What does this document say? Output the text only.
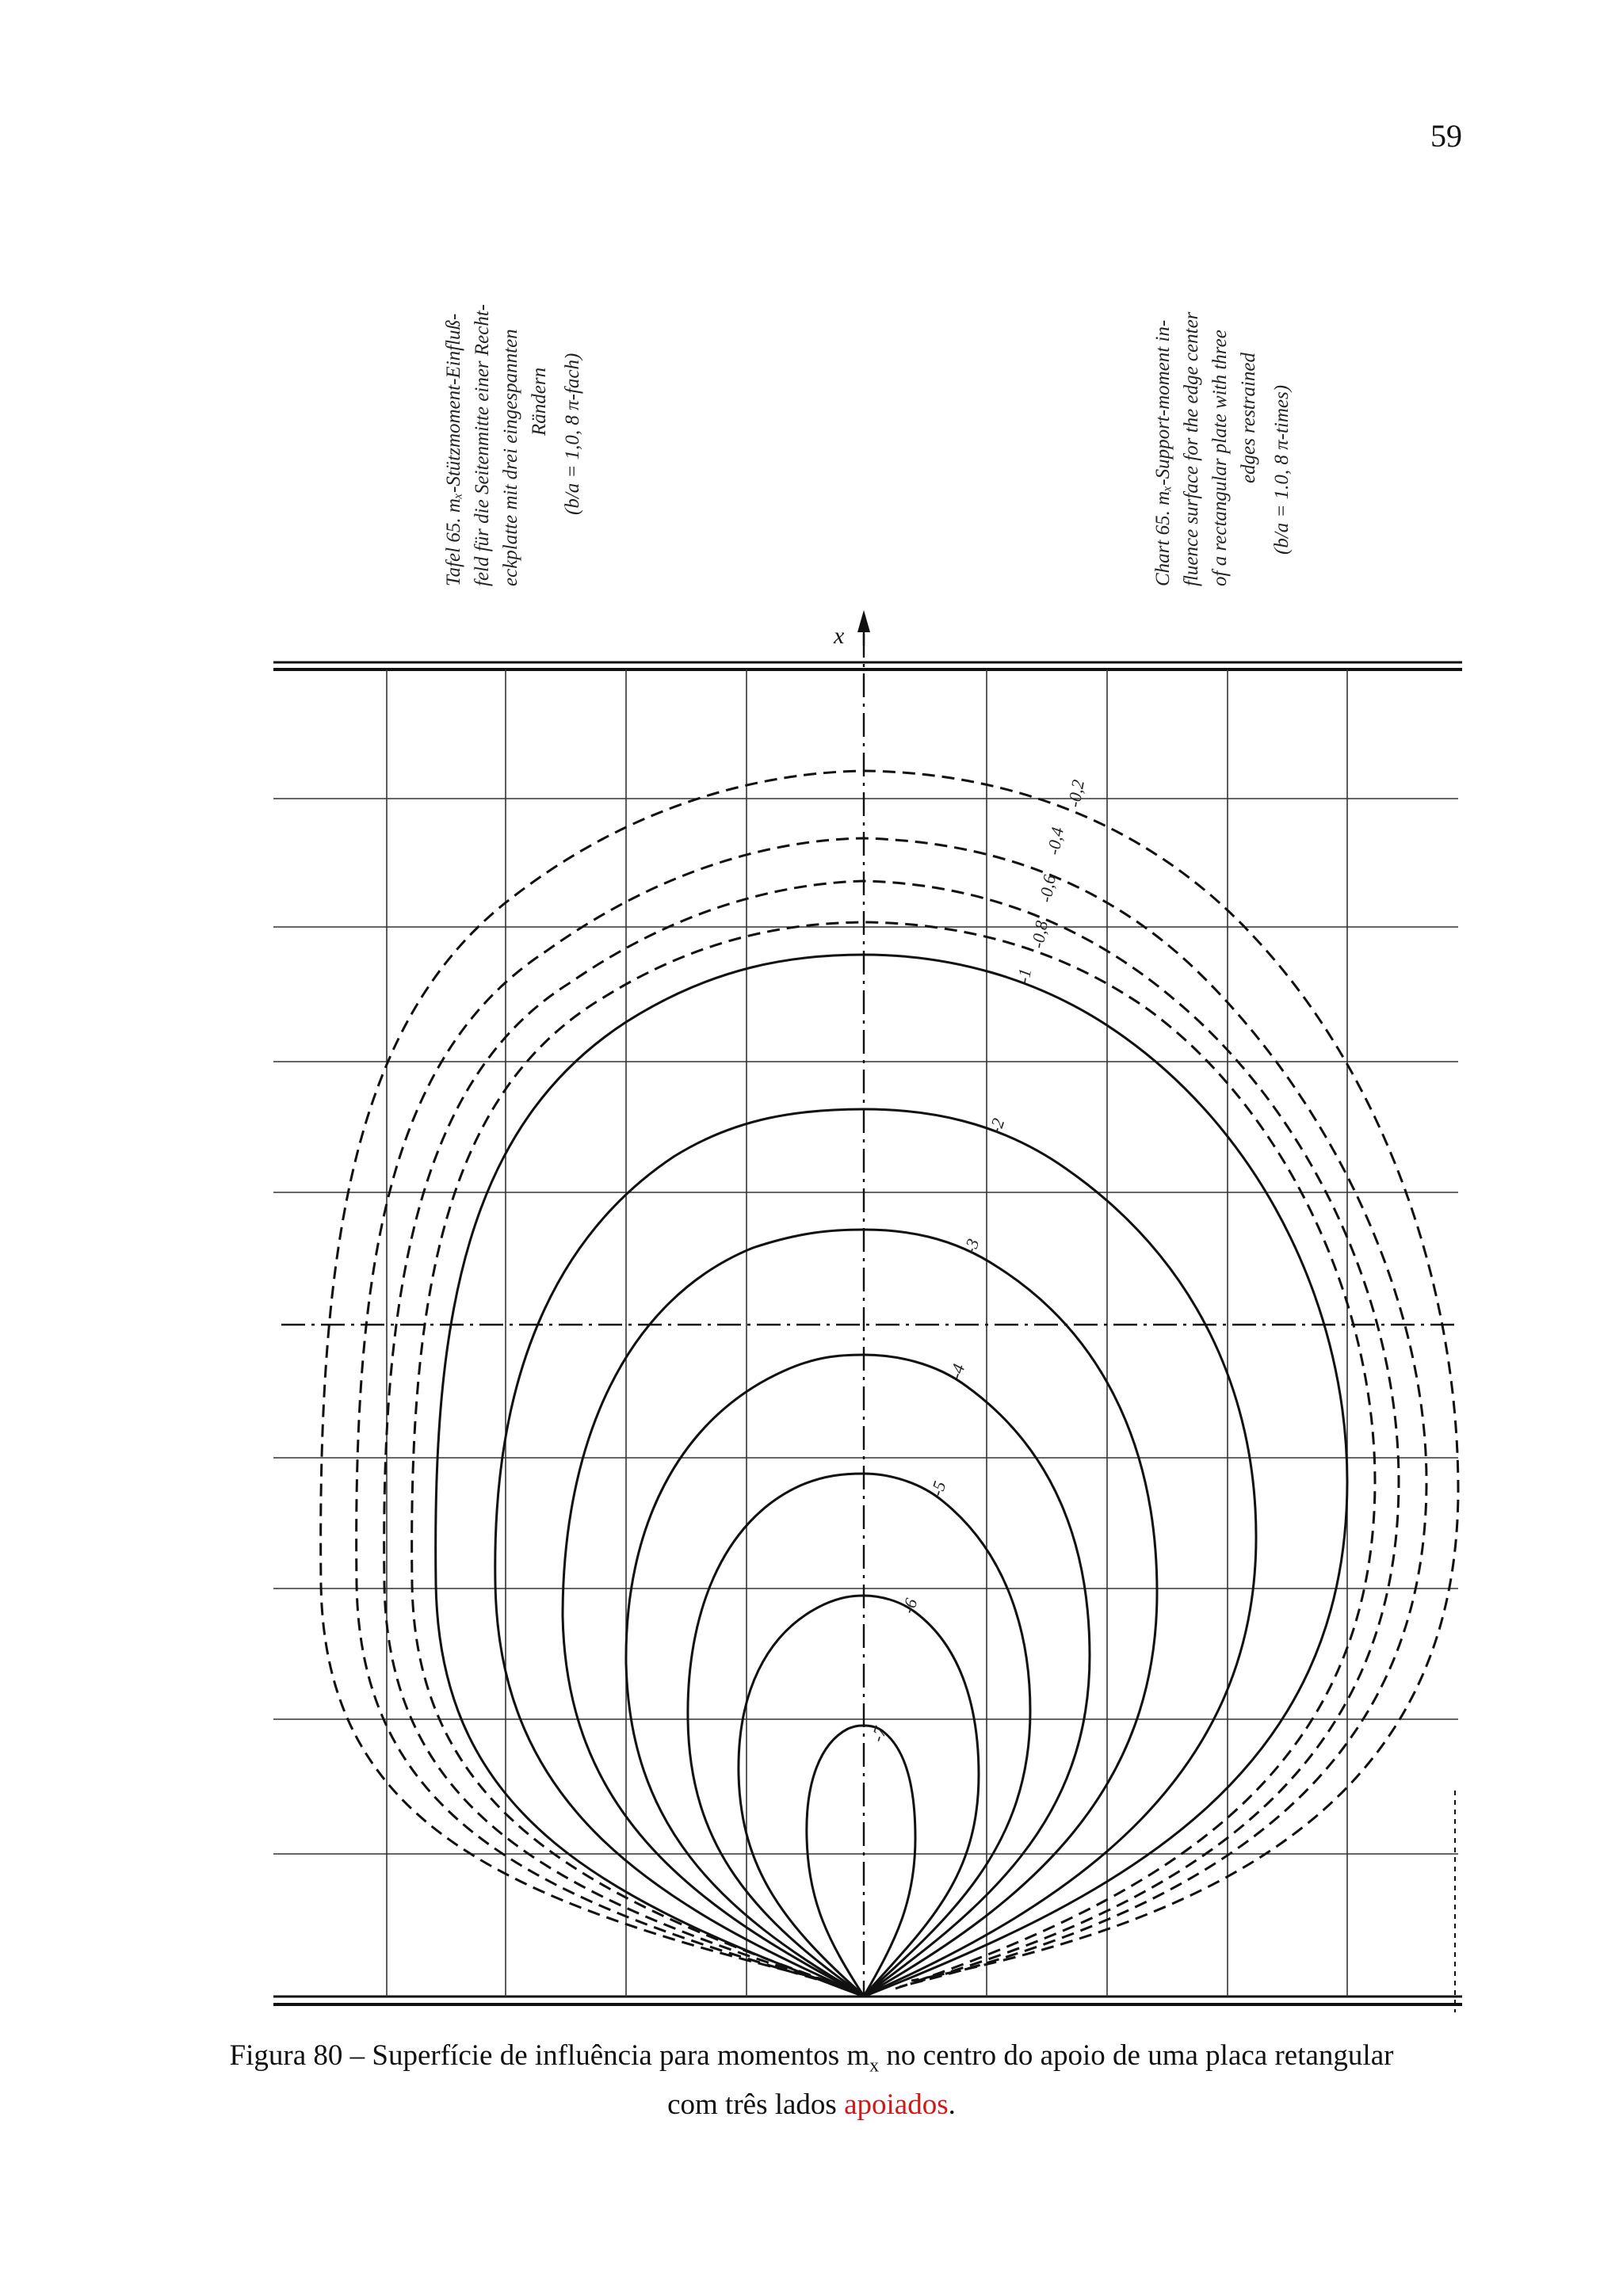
59
Tafel 65. mₓ-Stützmoment-Einfluß- feld für die Seitenmitte einer Recht- eckplatte mit drei eingespannten Rändern (b/a = 1,0, 8 π-fach)	Chart 65. mₓ-Support-moment in- fluence surface for the edge center of a rectangular plate with three edges restrained (b/a = 1.0, 8 π-times)
x
-1
-2
-3
-4
-5
-6
-7
-0,8
-0,6
-0,4
-0,2
Figura 80 – Superfície de influência para momentos $m_x$ no centro do apoio de uma placa retangular
com três lados apoiados.
